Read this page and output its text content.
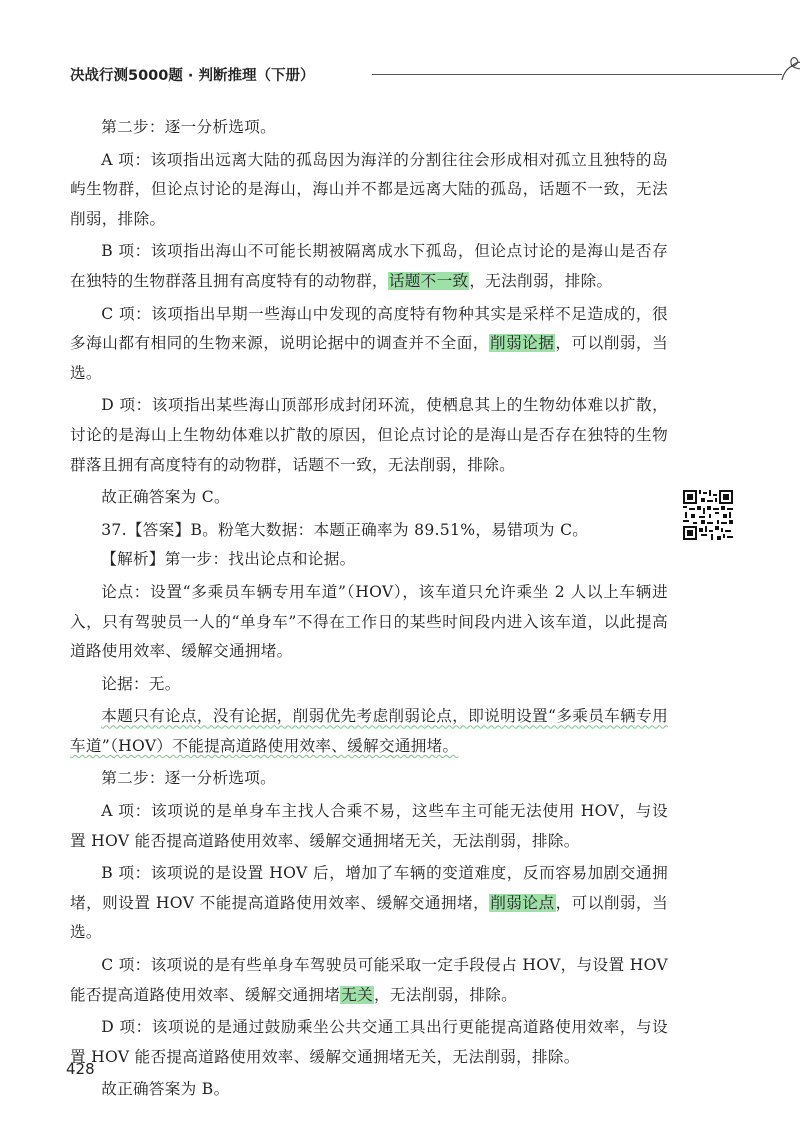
决战行测5000题 · 判断推理（下册）

第二步：逐一分析选项。

A 项：该项指出远离大陆的孤岛因为海洋的分割往往会形成相对孤立且独特的岛屿生物群，但论点讨论的是海山，海山并不都是远离大陆的孤岛，话题不一致，无法削弱，排除。

B 项：该项指出海山不可能长期被隔离成水下孤岛，但论点讨论的是海山是否存在独特的生物群落且拥有高度特有的动物群，话题不一致，无法削弱，排除。

C 项：该项指出早期一些海山中发现的高度特有物种其实是采样不足造成的，很多海山都有相同的生物来源，说明论据中的调查并不全面，削弱论据，可以削弱，当选。

D 项：该项指出某些海山顶部形成封闭环流，使栖息其上的生物幼体难以扩散，讨论的是海山上生物幼体难以扩散的原因，但论点讨论的是海山是否存在独特的生物群落且拥有高度特有的动物群，话题不一致，无法削弱，排除。

故正确答案为 C。

37.【答案】B。粉笔大数据：本题正确率为 89.51%，易错项为 C。

【解析】第一步：找出论点和论据。

论点：设置“多乘员车辆专用车道”（HOV），该车道只允许乘坐 2 人以上车辆进入，只有驾驶员一人的“单身车”不得在工作日的某些时间段内进入该车道，以此提高道路使用效率、缓解交通拥堵。

论据：无。

本题只有论点，没有论据，削弱优先考虑削弱论点，即说明设置“多乘员车辆专用车道”（HOV）不能提高道路使用效率、缓解交通拥堵。

第二步：逐一分析选项。

A 项：该项说的是单身车主找人合乘不易，这些车主可能无法使用 HOV，与设置 HOV 能否提高道路使用效率、缓解交通拥堵无关，无法削弱，排除。

B 项：该项说的是设置 HOV 后，增加了车辆的变道难度，反而容易加剧交通拥堵，则设置 HOV 不能提高道路使用效率、缓解交通拥堵，削弱论点，可以削弱，当选。

C 项：该项说的是有些单身车驾驶员可能采取一定手段侵占 HOV，与设置 HOV 能否提高道路使用效率、缓解交通拥堵无关，无法削弱，排除。

D 项：该项说的是通过鼓励乘坐公共交通工具出行更能提高道路使用效率，与设置 HOV 能否提高道路使用效率、缓解交通拥堵无关，无法削弱，排除。

故正确答案为 B。

428
